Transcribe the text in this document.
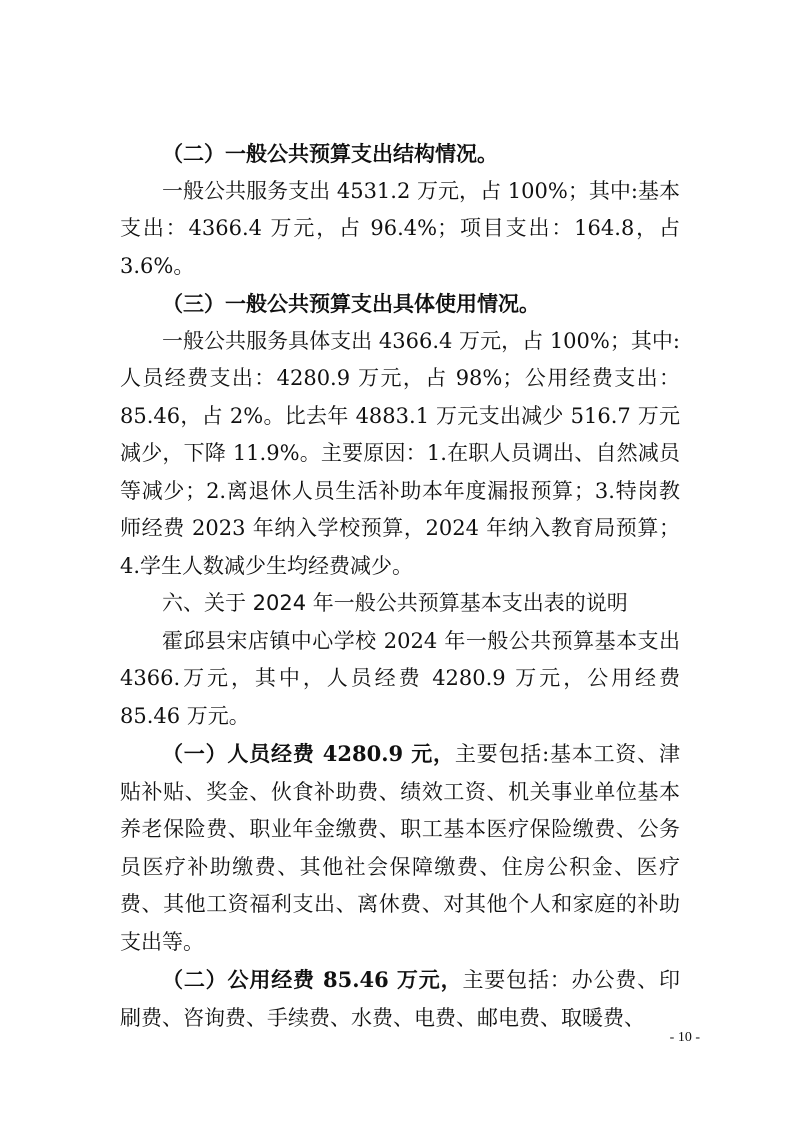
（二）一般公共预算支出结构情况。

一般公共服务支出 4531.2 万元，占 100%；其中:基本支出：4366.4 万元，占 96.4%；项目支出：164.8，占 3.6%。

（三）一般公共预算支出具体使用情况。

一般公共服务具体支出 4366.4 万元，占 100%；其中:人员经费支出：4280.9 万元，占 98%；公用经费支出：85.46，占 2%。比去年 4883.1 万元支出减少 516.7 万元减少，下降 11.9%。主要原因：1.在职人员调出、自然减员等减少；2.离退休人员生活补助本年度漏报预算；3.特岗教师经费 2023 年纳入学校预算，2024 年纳入教育局预算；4.学生人数减少生均经费减少。

六、关于 2024 年一般公共预算基本支出表的说明

霍邱县宋店镇中心学校 2024 年一般公共预算基本支出 4366.万元，其中，人员经费 4280.9 万元，公用经费 85.46 万元。

（一）人员经费 4280.9 元，主要包括:基本工资、津贴补贴、奖金、伙食补助费、绩效工资、机关事业单位基本养老保险费、职业年金缴费、职工基本医疗保险缴费、公务员医疗补助缴费、其他社会保障缴费、住房公积金、医疗费、其他工资福利支出、离休费、对其他个人和家庭的补助支出等。

（二）公用经费 85.46 万元，主要包括：办公费、印刷费、咨询费、手续费、水费、电费、邮电费、取暖费、

- 10 -
